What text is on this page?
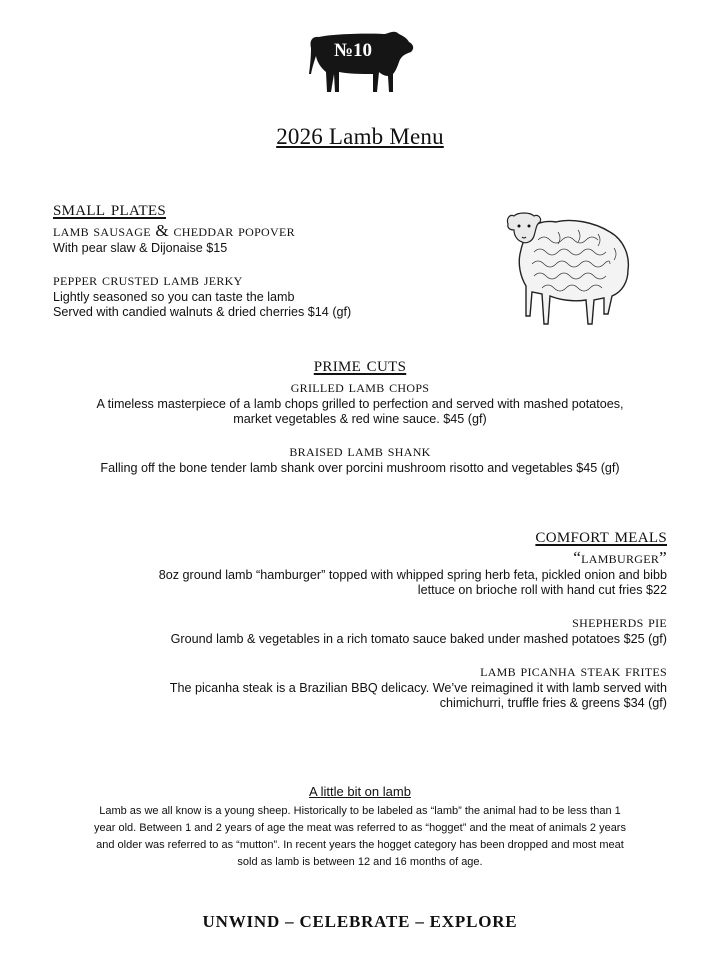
№10
2026 Lamb Menu
small plates
lamb sausage & cheddar popover
With pear slaw & Dijonaise $15
pepper crusted lamb jerky
Lightly seasoned so you can taste the lamb
Served with candied walnuts & dried cherries $14 (gf)
prime cuts
grilled lamb chops
A timeless masterpiece of a lamb chops grilled to perfection and served with mashed potatoes,
market vegetables & red wine sauce. $45 (gf)
braised lamb shank
Falling off the bone tender lamb shank over porcini mushroom risotto and vegetables $45 (gf)
comfort meals
“lamburger”
8oz ground lamb “hamburger” topped with whipped spring herb feta, pickled onion and bibb
lettuce on brioche roll with hand cut fries $22
shepherds pie
Ground lamb & vegetables in a rich tomato sauce baked under mashed potatoes $25 (gf)
lamb picanha steak frites
The picanha steak is a Brazilian BBQ delicacy. We’ve reimagined it with lamb served with
chimichurri, truffle fries & greens $34 (gf)
A little bit on lamb
Lamb as we all know is a young sheep. Historically to be labeled as “lamb” the animal had to be less than 1
year old. Between 1 and 2 years of age the meat was referred to as “hogget” and the meat of animals 2 years
and older was referred to as “mutton”. In recent years the hogget category has been dropped and most meat
sold as lamb is between 12 and 16 months of age.
UNWIND – CELEBRATE – EXPLORE
